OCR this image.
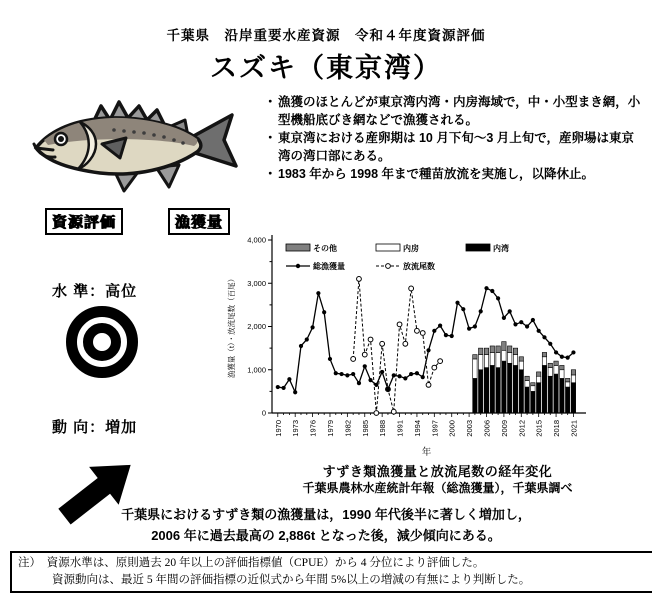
千葉県　沿岸重要水産資源　令和４年度資源評価
スズキ（東京湾）
・ 漁獲のほとんどが東京湾内湾・内房海域で，中・小型まき網，小型機船底びき網などで漁獲される。
・ 東京湾における産卵期は 10 月下旬～3 月上旬で，産卵場は東京湾の湾口部にある。
・ 1983 年から 1998 年まで種苗放流を実施し，以降休止。
資源評価	漁獲量
水 準：高位
動 向：増加
0
1,000
2,000
3,000
4,000
1970 1973 1976 1979 1982 1985 1988 1991 1994 1997 2000 2003 2006 2009 2012 2015 2018 2021
その他	内房	内湾
総漁獲量	放流尾数
漁獲量（t）・放流尾数（百尾）
年
すずき類漁獲量と放流尾数の経年変化
千葉県農林水産統計年報（総漁獲量），千葉県調べ
千葉県におけるすずき類の漁獲量は，1990 年代後半に著しく増加し，
2006 年に過去最高の 2,886t となった後，減少傾向にある。
注）　資源水準は、原則過去 20 年以上の評価指標値（CPUE）から 4 分位により評価した。
資源動向は、最近 5 年間の評価指標の近似式から年間 5%以上の増減の有無により判断した。
